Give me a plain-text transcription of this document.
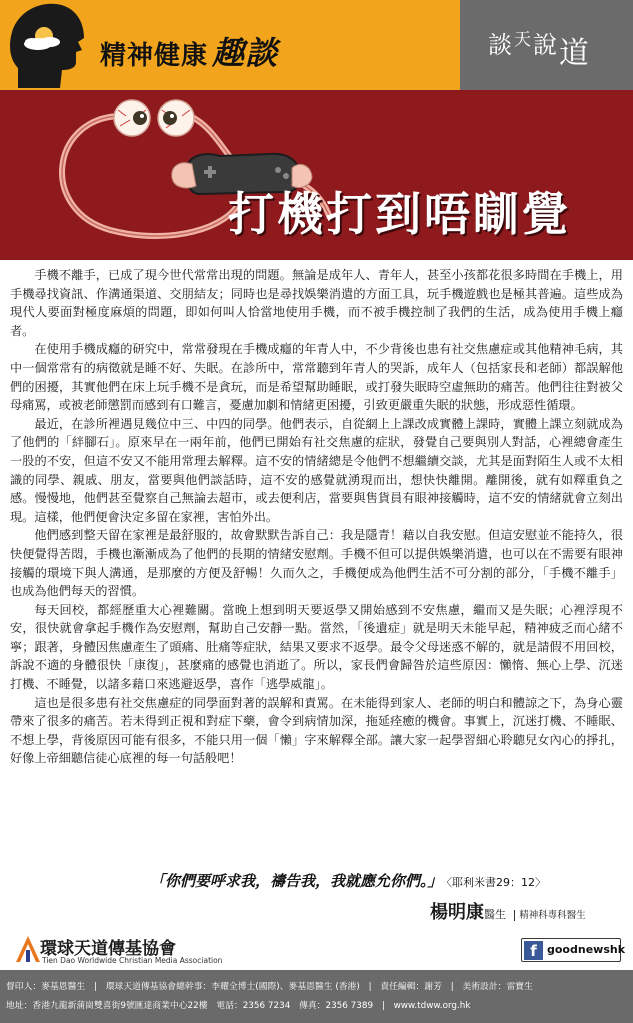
精神健康 趣談	談天說道
打機打到唔瞓覺

手機不離手，已成了現今世代常常出現的問題。無論是成年人、青年人，甚至小孩都花很多時間在手機上，用手機尋找資訊、作溝通渠道、交朋結友；同時也是尋找娛樂消遣的方面工具，玩手機遊戲也是極其普遍。這些成為現代人要面對極度麻煩的問題，即如何叫人恰當地使用手機，而不被手機控制了我們的生活，成為使用手機上癮者。

在使用手機成癮的研究中，常常發現在手機成癮的年青人中，不少背後也患有社交焦慮症或其他精神毛病，其中一個常常有的病徵就是睡不好、失眠。在診所中，常常聽到年青人的哭訴，成年人（包括家長和老師）都誤解他們的困擾，其實他們在床上玩手機不是貪玩，而是希望幫助睡眠，或打發失眠時空虛無助的痛苦。他們往往對被父母痛罵，或被老師懲罰而感到有口難言，憂慮加劇和情緒更困擾，引致更嚴重失眠的狀態，形成惡性循環。

最近，在診所裡遇見幾位中三、中四的同學。他們表示，自從網上上課改成實體上課時，實體上課立刻就成為了他們的「絆腳石」。原來早在一兩年前，他們已開始有社交焦慮的症狀，發覺自己要與別人對話，心裡總會產生一股的不安，但這不安又不能用常理去解釋。這不安的情緒總是令他們不想繼續交談，尤其是面對陌生人或不太相識的同學、親戚、朋友，當要與他們談話時，這不安的感覺就湧現而出，想快快離開。離開後，就有如釋重負之感。慢慢地，他們甚至覺察自己無論去超市，或去便利店，當要與售貨員有眼神接觸時，這不安的情緒就會立刻出現。這樣，他們便會決定多留在家裡，害怕外出。

他們感到整天留在家裡是最舒服的，故會默默告訴自己：我是隱青！藉以自我安慰。但這安慰並不能持久，很快便覺得苦悶，手機也漸漸成為了他們的長期的情緒安慰劑。手機不但可以提供娛樂消遣，也可以在不需要有眼神接觸的環境下與人溝通，是那麼的方便及舒暢！久而久之，手機便成為他們生活不可分割的部分，「手機不離手」也成為他們每天的習慣。

每天回校，都經歷重大心裡難關。當晚上想到明天要返學又開始感到不安焦慮，繼而又是失眠；心裡浮現不安，很快就會拿起手機作為安慰劑，幫助自己安靜一點。當然，「後遺症」就是明天未能早起，精神疲乏而心緒不寧；跟著，身體因焦慮產生了頭痛、肚痛等症狀，結果又要求不返學。最令父母迷惑不解的，就是請假不用回校，訴說不適的身體很快「康復」，甚麼痛的感覺也消逝了。所以，家長們會歸咎於這些原因：懶惰、無心上學、沉迷打機、不睡覺，以諸多藉口來逃避返學，喜作「逃學威龍」。

這也是很多患有社交焦慮症的同學面對著的誤解和責罵。在未能得到家人、老師的明白和體諒之下，為身心靈帶來了很多的痛苦。若未得到正視和對症下藥，會令到病情加深，拖延痊癒的機會。事實上，沉迷打機、不睡眠、不想上學，背後原因可能有很多，不能只用一個「懶」字來解釋全部。讓大家一起學習細心聆聽兒女內心的掙扎，好像上帝細聽信徒心底裡的每一句話般吧！

「你們要呼求我，禱告我，我就應允你們。」 〈耶利米書29：12〉
楊明康醫生 精神科專科醫生
環球天道傳基協會
Tien Dao Worldwide Christian Media Association
f goodnewshk
督印人：麥基恩醫生　|　環球天道傳基協會總幹事：李耀全博士(國際)、麥基恩醫生 (香港)　|　責任編輯：謝芳　|　美術設計：雷寶生
地址：香港九龍新蒲崗雙喜街9號匯達商業中心22樓　電話：2356 7234　傳真：2356 7389　|　www.tdww.org.hk
